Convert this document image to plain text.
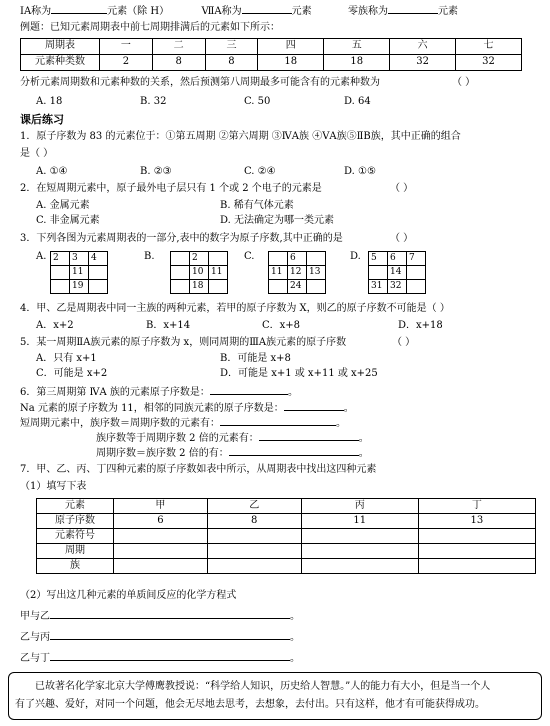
ⅠA称为	元素（除 H）	ⅦA称为	元素	零族称为	元素
例题：已知元素周期表中前七周期排满后的元素如下所示：
周期表	一	二	三	四	五	六	七
元素种类数	2	8	8	18	18	32	32
分析元素周期数和元素种数的关系，然后预测第八周期最多可能含有的元素种数为	（ ）
A. 18	B. 32	C. 50	D. 64
课后练习
1．原子序数为 83 的元素位于：①第五周期 ②第六周期 ③ⅣA族 ④ⅤA族⑤ⅡB族，其中正确的组合
是（ ）
A. ①④	B. ②③	C. ②④	D. ①⑤
2．在短周期元素中，原子最外电子层只有 1 个或 2 个电子的元素是	（ ）
A. 金属元素	B. 稀有气体元素
C. 非金属元素	D. 无法确定为哪一类元素
3．下列各图为元素周期表的一部分,表中的数字为原子序数,其中正确的是	（ ）
A. 2	3	4
	11	
	19	
B.
		2	
	10	11
	18	
C.
		6	
11	12	13
	24	
D. 5	6	7
	14	
31	32	
4．甲、乙是周期表中同一主族的两种元素，若甲的原子序数为 X，则乙的原子序数不可能是（ ）
A．x+2	B．x+14	C．x+8	D．x+18
5．某一周期ⅡA族元素的原子序数为 x，则同周期的ⅢA族元素的原子序数	（ ）
A．只有 x+1	B．可能是 x+8
C．可能是 x+2	D．可能是 x+1 或 x+11 或 x+25
6．第三周期第 ⅣA 族的元素原子序数是：	。
Na 元素的原子序数为 11，相邻的同族元素的原子序数是：	。
短周期元素中，族序数＝周期序数的元素有：	。
族序数等于周期序数 2 倍的元素有：	。
周期序数＝族序数 2 倍的有：	。
7．甲、乙、丙、丁四种元素的原子序数如表中所示，从周期表中找出这四种元素
（1）填写下表
元素	甲	乙	丙	丁
原子序数	6	8	11	13
元素符号				
周期				
族				
（2）写出这几种元素的单质间反应的化学方程式
甲与乙	。
乙与丙	。
乙与丁	。
已故著名化学家北京大学傅鹰教授说：“科学给人知识，历史给人智慧。”人的能力有大小，但是当一个人
有了兴趣、爱好，对同一个问题，他会无尽地去思考，去想象，去付出。只有这样，他才有可能获得成功。
